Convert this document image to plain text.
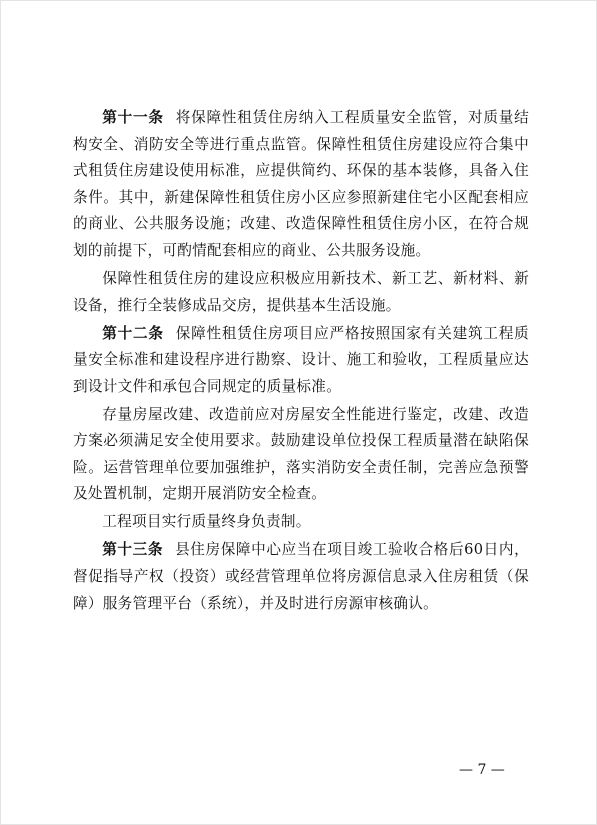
第十一条 将保障性租赁住房纳入工程质量安全监管，对质量结构安全、消防安全等进行重点监管。保障性租赁住房建设应符合集中式租赁住房建设使用标准，应提供简约、环保的基本装修，具备入住条件。其中，新建保障性租赁住房小区应参照新建住宅小区配套相应的商业、公共服务设施；改建、改造保障性租赁住房小区，在符合规划的前提下，可酌情配套相应的商业、公共服务设施。

保障性租赁住房的建设应积极应用新技术、新工艺、新材料、新设备，推行全装修成品交房，提供基本生活设施。

第十二条 保障性租赁住房项目应严格按照国家有关建筑工程质量安全标准和建设程序进行勘察、设计、施工和验收，工程质量应达到设计文件和承包合同规定的质量标准。

存量房屋改建、改造前应对房屋安全性能进行鉴定，改建、改造方案必须满足安全使用要求。鼓励建设单位投保工程质量潜在缺陷保险。运营管理单位要加强维护，落实消防安全责任制，完善应急预警及处置机制，定期开展消防安全检查。

工程项目实行质量终身负责制。

第十三条 县住房保障中心应当在项目竣工验收合格后60日内，督促指导产权（投资）或经营管理单位将房源信息录入住房租赁（保障）服务管理平台（系统），并及时进行房源审核确认。

— 7 —
